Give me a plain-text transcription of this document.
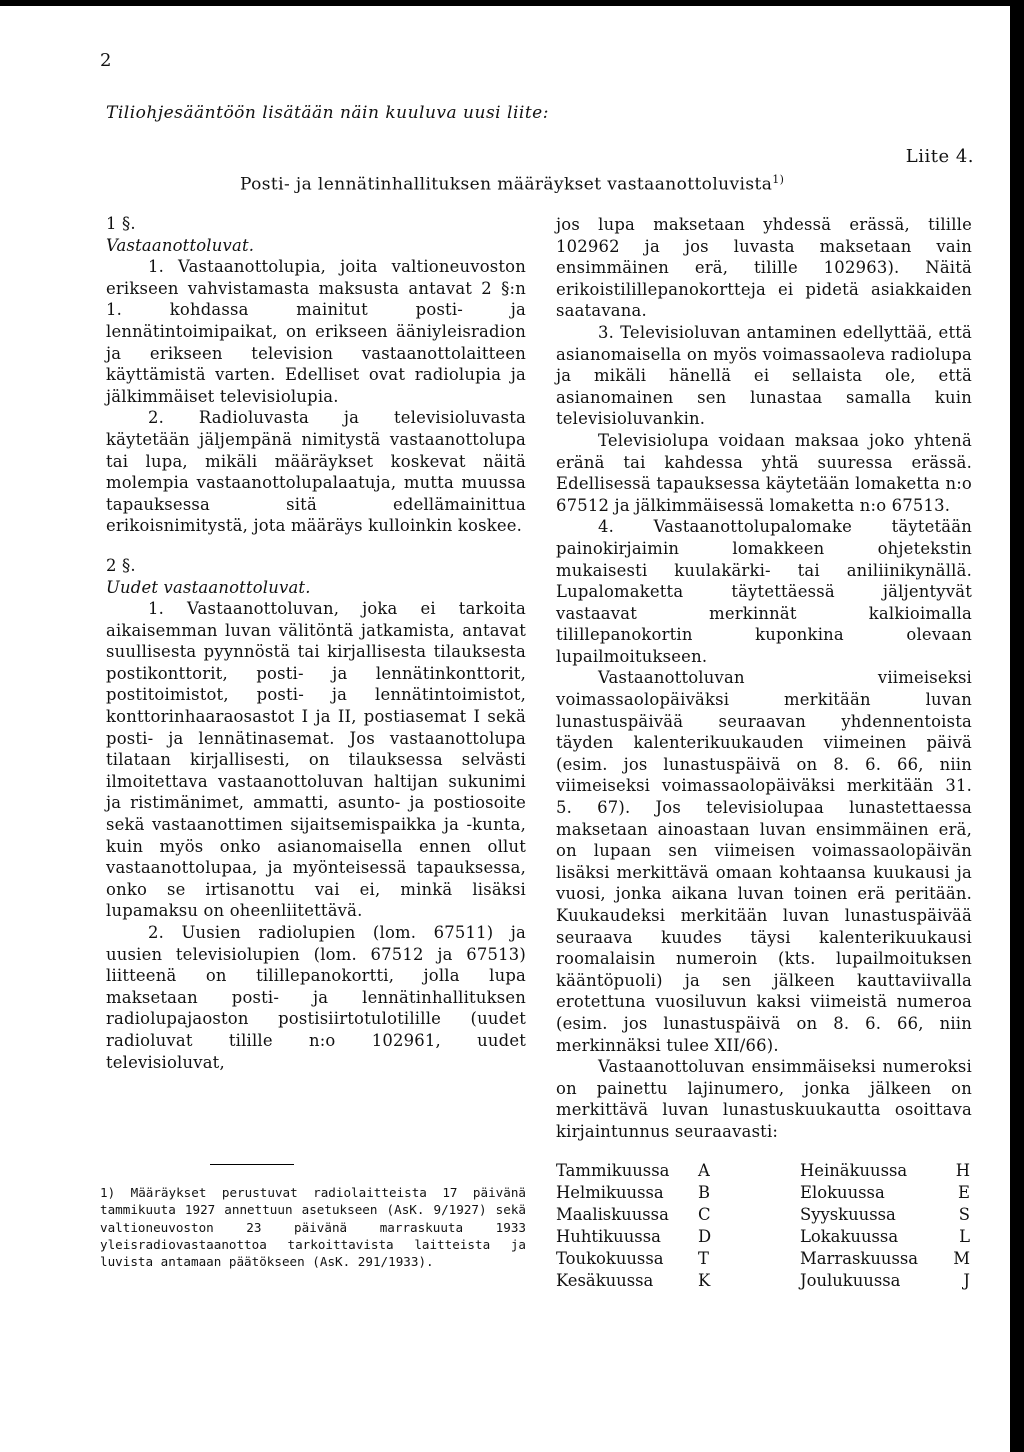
2
Tiliohjesääntöön lisätään näin kuuluva uusi liite:
Liite 4.
Posti- ja lennätinhallituksen määräykset vastaanottoluvista$^{1)}$

1 §.

Vastaanottoluvat.

1. Vastaanottolupia, joita valtioneuvoston erikseen vahvistamasta maksusta antavat 2 §:n 1. kohdassa mainitut posti- ja lennätintoimipaikat, on erikseen ääniyleisradion ja erikseen television vastaanottolaitteen käyttämistä varten. Edelliset ovat radiolupia ja jälkimmäiset televisiolupia.

2. Radioluvasta ja televisioluvasta käytetään jäljempänä nimitystä vastaanottolupa tai lupa, mikäli määräykset koskevat näitä molempia vastaanottolupalaatuja, mutta muussa tapauksessa sitä edellämainittua erikoisnimitystä, jota määräys kulloinkin koskee.

2 §.

Uudet vastaanottoluvat.

1. Vastaanottoluvan, joka ei tarkoita aikaisemman luvan välitöntä jatkamista, antavat suullisesta pyynnöstä tai kirjallisesta tilauksesta postikonttorit, posti- ja lennätinkonttorit, postitoimistot, posti- ja lennätintoimistot, konttorinhaaraosastot I ja II, postiasemat I sekä posti- ja lennätinasemat. Jos vastaanottolupa tilataan kirjallisesti, on tilauksessa selvästi ilmoitettava vastaanottoluvan haltijan sukunimi ja ristimänimet, ammatti, asunto- ja postiosoite sekä vastaanottimen sijaitsemispaikka ja -kunta, kuin myös onko asianomaisella ennen ollut vastaanottolupaa, ja myönteisessä tapauksessa, onko se irtisanottu vai ei, minkä lisäksi lupamaksu on oheenliitettävä.

2. Uusien radiolupien (lom. 67511) ja uusien televisiolupien (lom. 67512 ja 67513) liitteenä on tilillepanokortti, jolla lupa maksetaan posti- ja lennätinhallituksen radiolupajaoston postisiirtotulotilille (uudet radioluvat tilille n:o 102961, uudet televisioluvat,

1) Määräykset perustuvat radiolaitteista 17 päivänä tammikuuta 1927 annettuun asetukseen (AsK. 9/1927) sekä valtioneuvoston 23 päivänä marraskuuta 1933 yleisradiovastaanottoa tarkoittavista laitteista ja luvista antamaan päätökseen (AsK. 291/1933).

jos lupa maksetaan yhdessä erässä, tilille 102962 ja jos luvasta maksetaan vain ensimmäinen erä, tilille 102963). Näitä erikoistilillepanokortteja ei pidetä asiakkaiden saatavana.

3. Televisioluvan antaminen edellyttää, että asianomaisella on myös voimassaoleva radiolupa ja mikäli hänellä ei sellaista ole, että asianomainen sen lunastaa samalla kuin televisioluvankin.

Televisiolupa voidaan maksaa joko yhtenä eränä tai kahdessa yhtä suuressa erässä. Edellisessä tapauksessa käytetään lomaketta n:o 67512 ja jälkimmäisessä lomaketta n:o 67513.

4. Vastaanottolupalomake täytetään painokirjaimin lomakkeen ohjetekstin mukaisesti kuulakärki- tai aniliinikynällä. Lupalomaketta täytettäessä jäljentyvät vastaavat merkinnät kalkioimalla tilillepanokortin kuponkina olevaan lupailmoitukseen.

Vastaanottoluvan viimeiseksi voimassaolopäiväksi merkitään luvan lunastuspäivää seuraavan yhdennentoista täyden kalenterikuukauden viimeinen päivä (esim. jos lunastuspäivä on 8. 6. 66, niin viimeiseksi voimassaolopäiväksi merkitään 31. 5. 67). Jos televisiolupaa lunastettaessa maksetaan ainoastaan luvan ensimmäinen erä, on lupaan sen viimeisen voimassaolopäivän lisäksi merkittävä omaan kohtaansa kuukausi ja vuosi, jonka aikana luvan toinen erä peritään. Kuukaudeksi merkitään luvan lunastuspäivää seuraava kuudes täysi kalenterikuukausi roomalaisin numeroin (kts. lupailmoituksen kääntöpuoli) ja sen jälkeen kauttaviivalla erotettuna vuosiluvun kaksi viimeistä numeroa (esim. jos lunastuspäivä on 8. 6. 66, niin merkinnäksi tulee XII/66).

Vastaanottoluvan ensimmäiseksi numeroksi on painettu lajinumero, jonka jälkeen on merkittävä luvan lunastuskuukautta osoittava kirjaintunnus seuraavasti:

Tammikuussa	A	Heinäkuussa	H
Helmikuussa	B	Elokuussa	E
Maaliskuussa	C	Syyskuussa	S
Huhtikuussa	D	Lokakuussa	L
Toukokuussa	T	Marraskuussa	M
Kesäkuussa	K	Joulukuussa	J
